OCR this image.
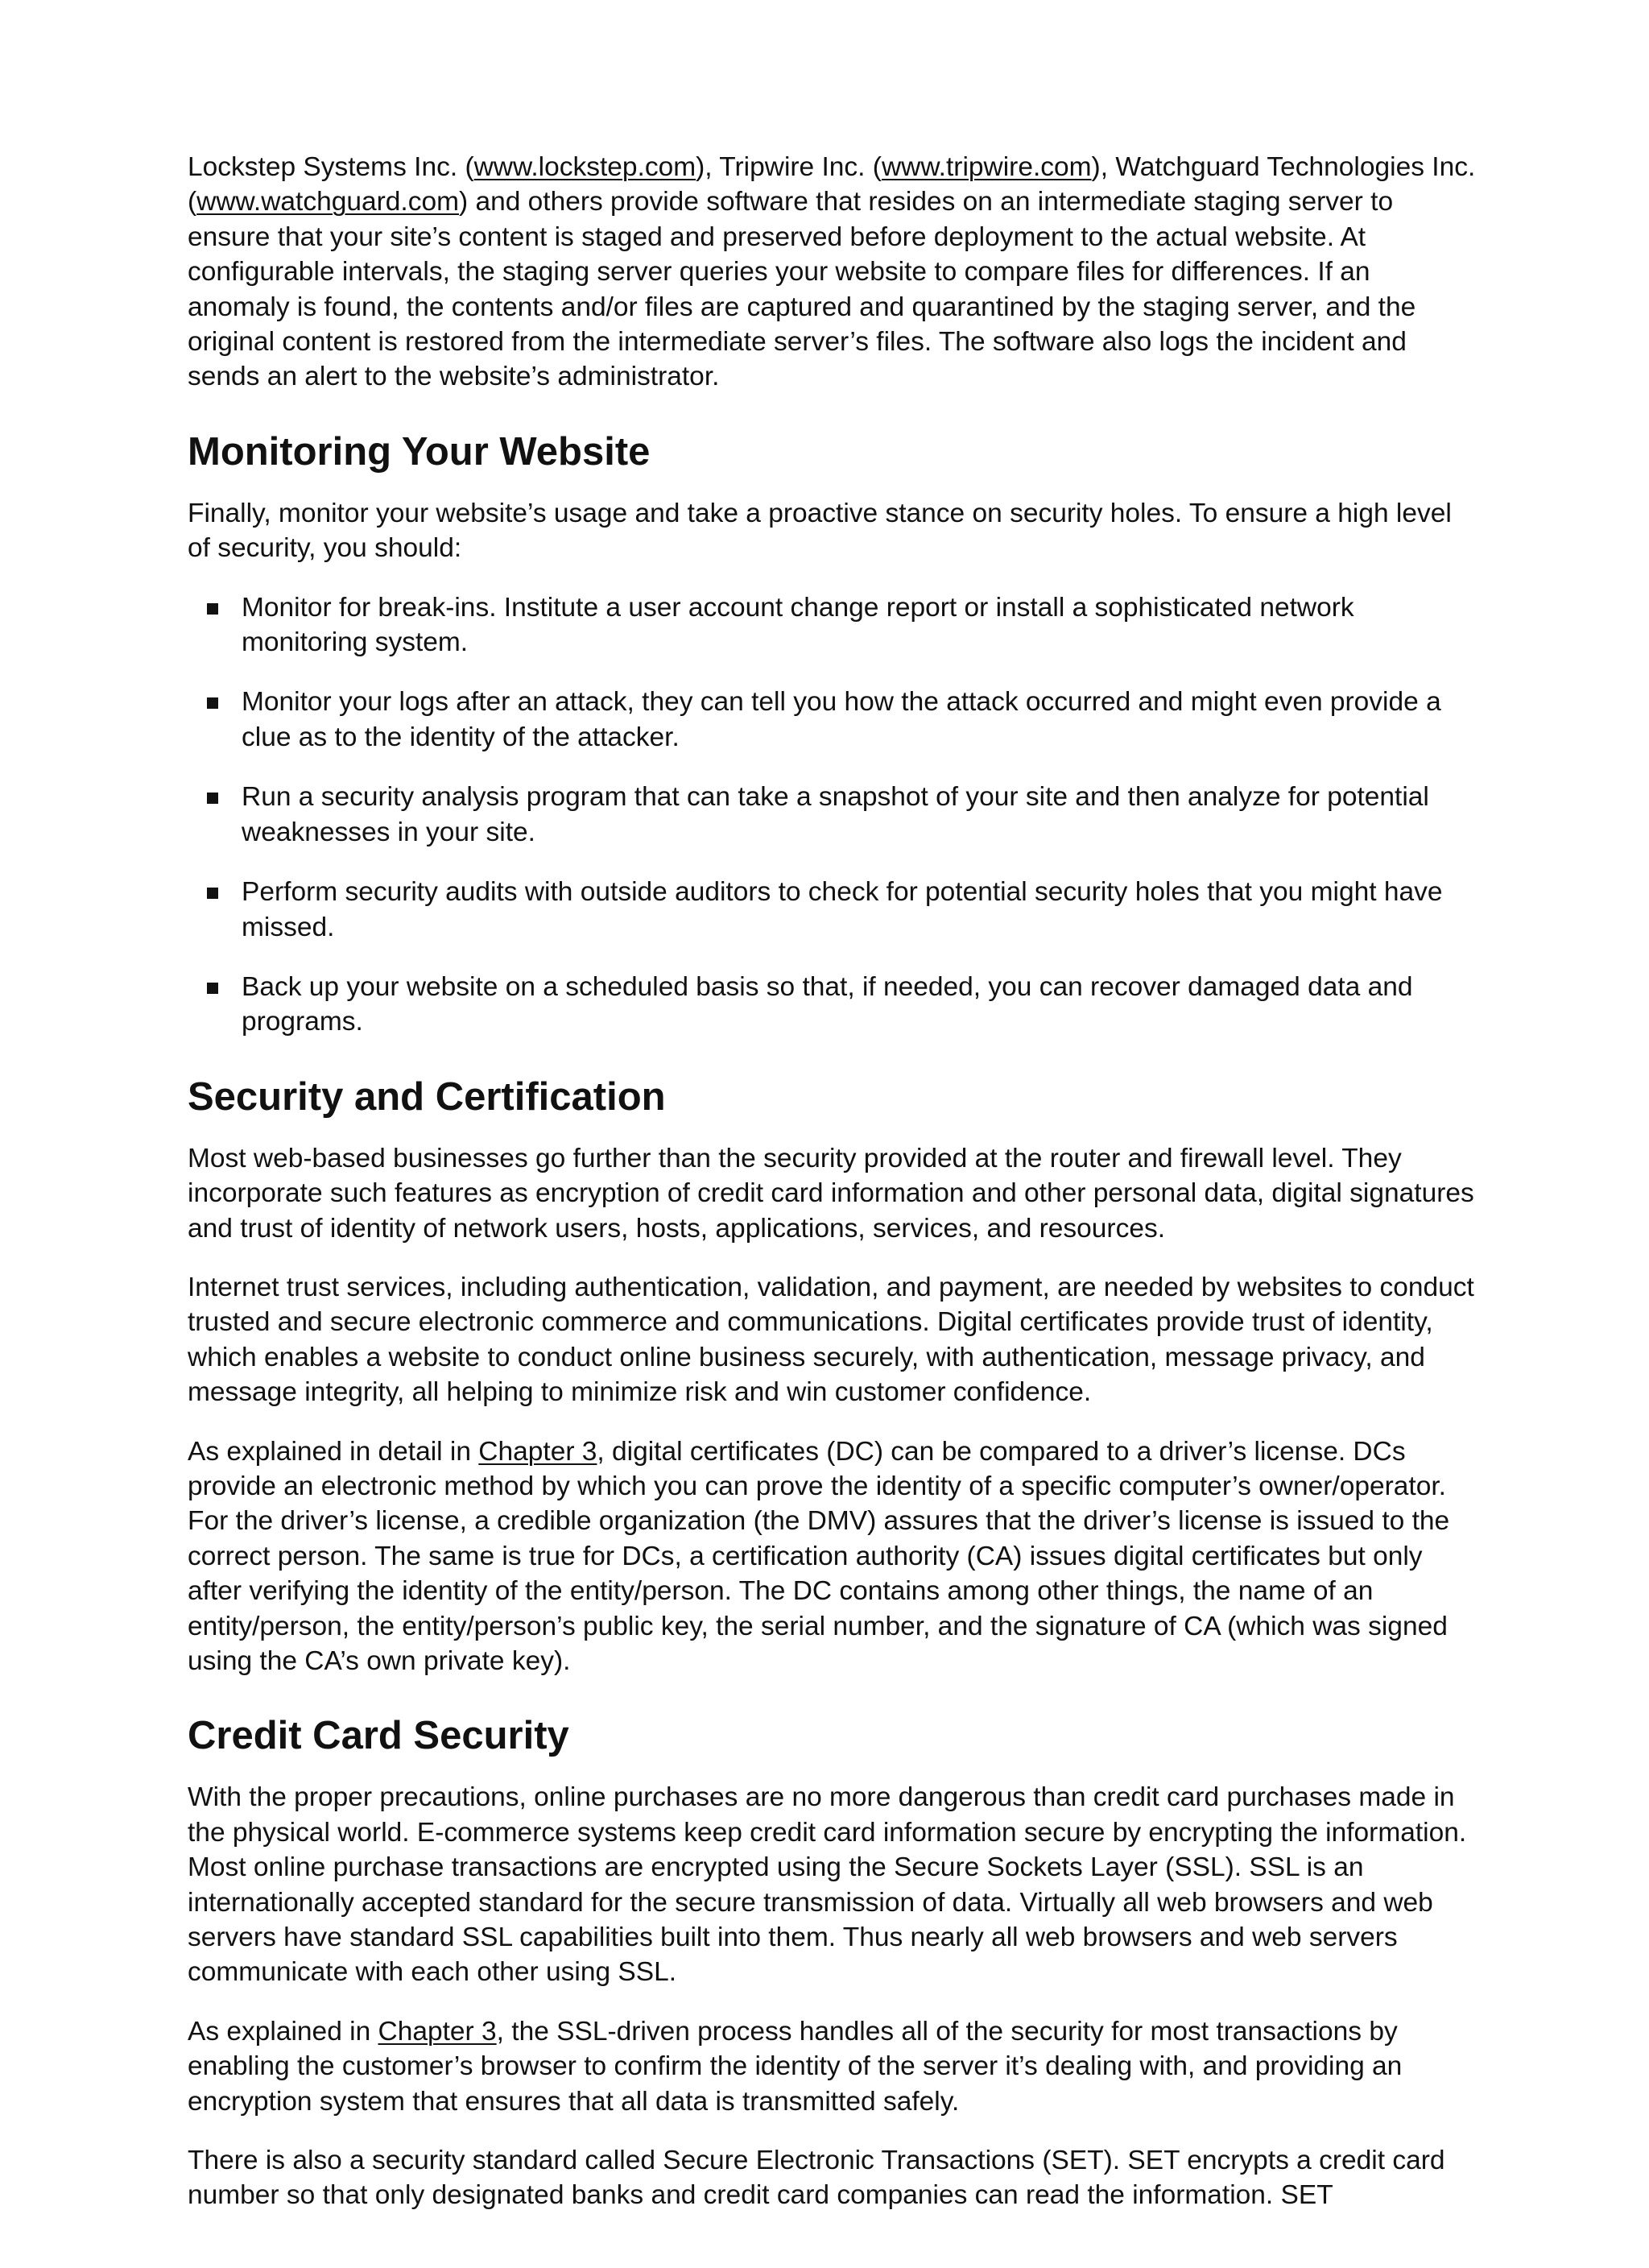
Lockstep Systems Inc. (www.lockstep.com), Tripwire Inc. (www.tripwire.com), Watchguard Technologies Inc. (www.watchguard.com) and others provide software that resides on an intermediate staging server to ensure that your site’s content is staged and preserved before deployment to the actual website. At configurable intervals, the staging server queries your website to compare files for differences. If an anomaly is found, the contents and/or files are captured and quarantined by the staging server, and the original content is restored from the intermediate server’s files. The software also logs the incident and sends an alert to the website’s administrator.

Monitoring Your Website

Finally, monitor your website’s usage and take a proactive stance on security holes. To ensure a high level of security, you should:

Monitor for break-ins. Institute a user account change report or install a sophisticated network monitoring system.
Monitor your logs after an attack, they can tell you how the attack occurred and might even provide a clue as to the identity of the attacker.
Run a security analysis program that can take a snapshot of your site and then analyze for potential weaknesses in your site.
Perform security audits with outside auditors to check for potential security holes that you might have missed.
Back up your website on a scheduled basis so that, if needed, you can recover damaged data and programs.
Security and Certification

Most web-based businesses go further than the security provided at the router and firewall level. They incorporate such features as encryption of credit card information and other personal data, digital signatures and trust of identity of network users, hosts, applications, services, and resources.

Internet trust services, including authentication, validation, and payment, are needed by websites to conduct trusted and secure electronic commerce and communications. Digital certificates provide trust of identity, which enables a website to conduct online business securely, with authentication, message privacy, and message integrity, all helping to minimize risk and win customer confidence.

As explained in detail in Chapter 3, digital certificates (DC) can be compared to a driver’s license. DCs provide an electronic method by which you can prove the identity of a specific computer’s owner/operator. For the driver’s license, a credible organization (the DMV) assures that the driver’s license is issued to the correct person. The same is true for DCs, a certification authority (CA) issues digital certificates but only after verifying the identity of the entity/person. The DC contains among other things, the name of an entity/person, the entity/person’s public key, the serial number, and the signature of CA (which was signed using the CA’s own private key).

Credit Card Security

With the proper precautions, online purchases are no more dangerous than credit card purchases made in the physical world. E-commerce systems keep credit card information secure by encrypting the information. Most online purchase transactions are encrypted using the Secure Sockets Layer (SSL). SSL is an internationally accepted standard for the secure transmission of data. Virtually all web browsers and web servers have standard SSL capabilities built into them. Thus nearly all web browsers and web servers communicate with each other using SSL.

As explained in Chapter 3, the SSL-driven process handles all of the security for most transactions by enabling the customer’s browser to confirm the identity of the server it’s dealing with, and providing an encryption system that ensures that all data is transmitted safely.

There is also a security standard called Secure Electronic Transactions (SET). SET encrypts a credit card number so that only designated banks and credit card companies can read the information. SET
